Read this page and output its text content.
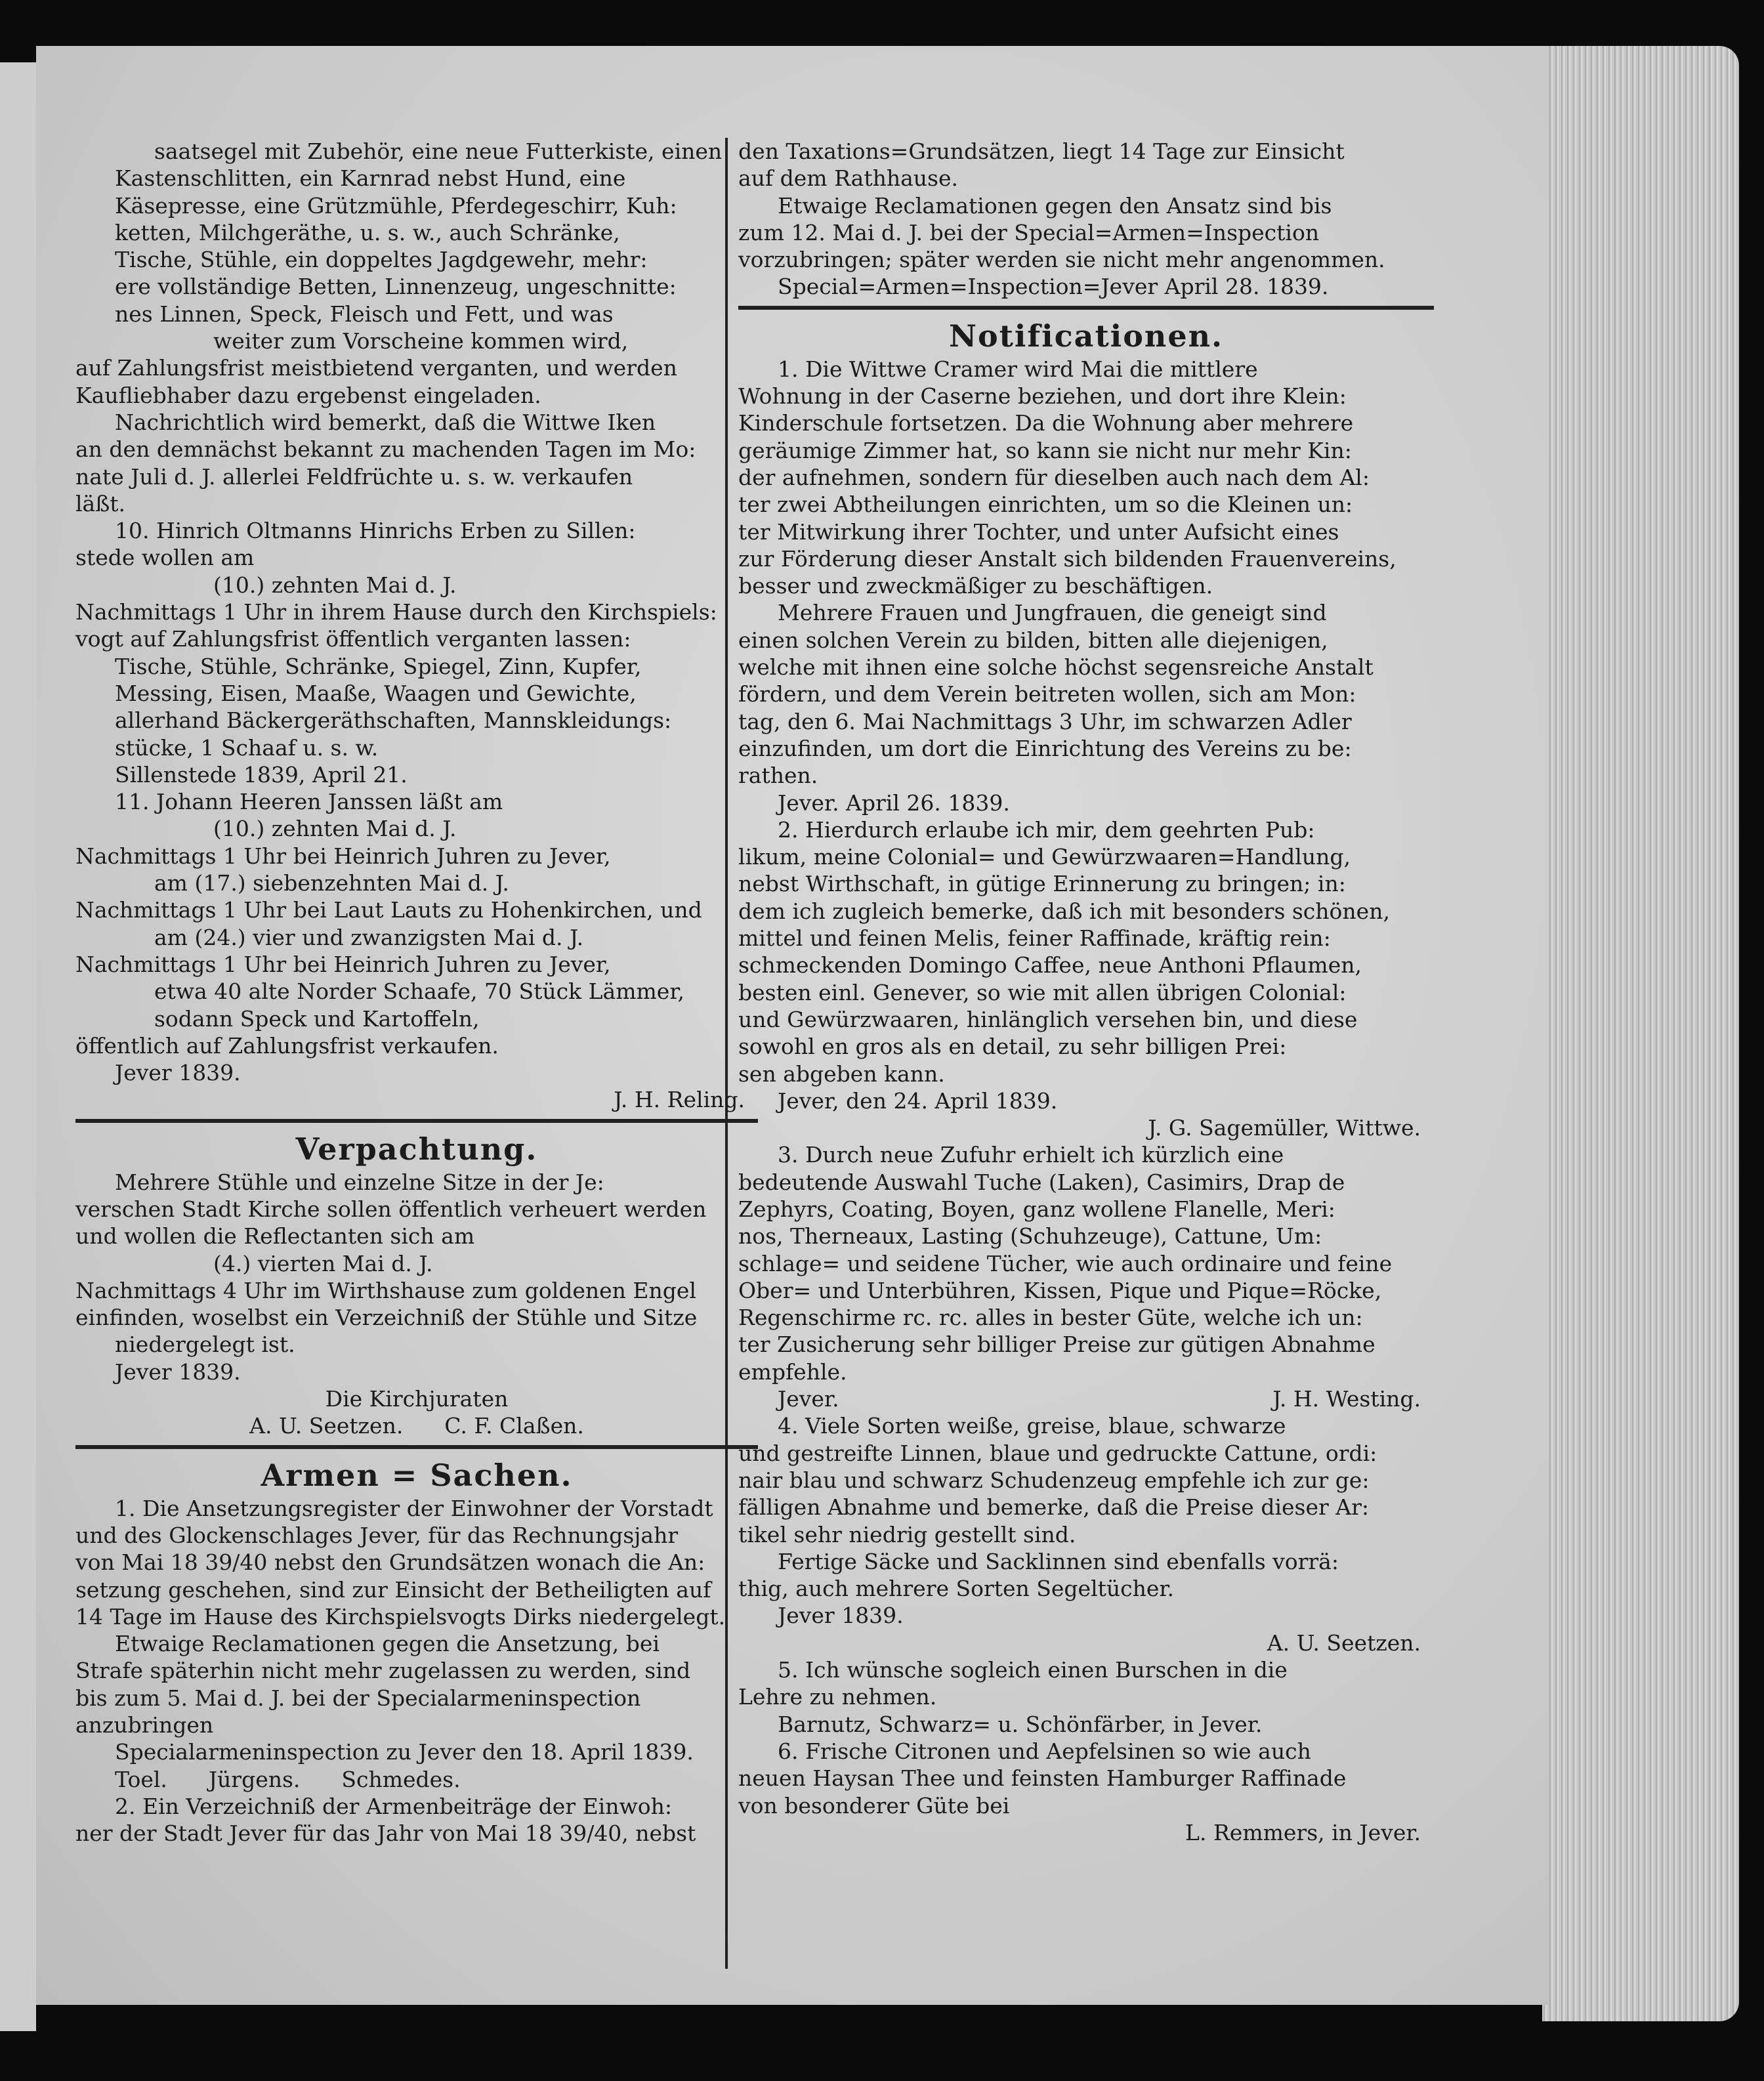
saatsegel mit Zubehör, eine neue Futterkiste, einen
Kastenschlitten, ein Karnrad nebst Hund, eine
Käsepresse, eine Grützmühle, Pferdegeschirr, Kuh:
ketten, Milchgeräthe, u. s. w., auch Schränke,
Tische, Stühle, ein doppeltes Jagdgewehr, mehr:
ere vollständige Betten, Linnenzeug, ungeschnitte:
nes Linnen, Speck, Fleisch und Fett, und was
weiter zum Vorscheine kommen wird,
auf Zahlungsfrist meistbietend verganten, und werden
Kaufliebhaber dazu ergebenst eingeladen.
Nachrichtlich wird bemerkt, daß die Wittwe Iken
an den demnächst bekannt zu machenden Tagen im Mo:
nate Juli d. J. allerlei Feldfrüchte u. s. w. verkaufen
läßt.
10. Hinrich Oltmanns Hinrichs Erben zu Sillen:
stede wollen am
(10.) zehnten Mai d. J.
Nachmittags 1 Uhr in ihrem Hause durch den Kirchspiels:
vogt auf Zahlungsfrist öffentlich verganten lassen:
Tische, Stühle, Schränke, Spiegel, Zinn, Kupfer,
Messing, Eisen, Maaße, Waagen und Gewichte,
allerhand Bäckergeräthschaften, Mannskleidungs:
stücke, 1 Schaaf u. s. w.
Sillenstede 1839, April 21.
11. Johann Heeren Janssen läßt am
(10.) zehnten Mai d. J.
Nachmittags 1 Uhr bei Heinrich Juhren zu Jever,
am (17.) siebenzehnten Mai d. J.
Nachmittags 1 Uhr bei Laut Lauts zu Hohenkirchen, und
am (24.) vier und zwanzigsten Mai d. J.
Nachmittags 1 Uhr bei Heinrich Juhren zu Jever,
etwa 40 alte Norder Schaafe, 70 Stück Lämmer,
sodann Speck und Kartoffeln,
öffentlich auf Zahlungsfrist verkaufen.
Jever 1839.
J. H. Reling.
Verpachtung.
Mehrere Stühle und einzelne Sitze in der Je:
verschen Stadt Kirche sollen öffentlich verheuert werden
und wollen die Reflectanten sich am
(4.) vierten Mai d. J.
Nachmittags 4 Uhr im Wirthshause zum goldenen Engel
einfinden, woselbst ein Verzeichniß der Stühle und Sitze
niedergelegt ist.
Jever 1839.
Die Kirchjuraten
A. U. Seetzen.      C. F. Claßen.
Armen = Sachen.
1. Die Ansetzungsregister der Einwohner der Vorstadt
und des Glockenschlages Jever, für das Rechnungsjahr
von Mai 18 39/40 nebst den Grundsätzen wonach die An:
setzung geschehen, sind zur Einsicht der Betheiligten auf
14 Tage im Hause des Kirchspielsvogts Dirks niedergelegt.
Etwaige Reclamationen gegen die Ansetzung, bei
Strafe späterhin nicht mehr zugelassen zu werden, sind
bis zum 5. Mai d. J. bei der Specialarmeninspection
anzubringen
Specialarmeninspection zu Jever den 18. April 1839.
Toel.      Jürgens.      Schmedes.
2. Ein Verzeichniß der Armenbeiträge der Einwoh:
ner der Stadt Jever für das Jahr von Mai 18 39/40, nebst
den Taxations=Grundsätzen, liegt 14 Tage zur Einsicht
auf dem Rathhause.
Etwaige Reclamationen gegen den Ansatz sind bis
zum 12. Mai d. J. bei der Special=Armen=Inspection
vorzubringen; später werden sie nicht mehr angenommen.
Special=Armen=Inspection=Jever April 28. 1839.
Notificationen.
1. Die Wittwe Cramer wird Mai die mittlere
Wohnung in der Caserne beziehen, und dort ihre Klein:
Kinderschule fortsetzen. Da die Wohnung aber mehrere
geräumige Zimmer hat, so kann sie nicht nur mehr Kin:
der aufnehmen, sondern für dieselben auch nach dem Al:
ter zwei Abtheilungen einrichten, um so die Kleinen un:
ter Mitwirkung ihrer Tochter, und unter Aufsicht eines
zur Förderung dieser Anstalt sich bildenden Frauenvereins,
besser und zweckmäßiger zu beschäftigen.
Mehrere Frauen und Jungfrauen, die geneigt sind
einen solchen Verein zu bilden, bitten alle diejenigen,
welche mit ihnen eine solche höchst segensreiche Anstalt
fördern, und dem Verein beitreten wollen, sich am Mon:
tag, den 6. Mai Nachmittags 3 Uhr, im schwarzen Adler
einzufinden, um dort die Einrichtung des Vereins zu be:
rathen.
Jever. April 26. 1839.
2. Hierdurch erlaube ich mir, dem geehrten Pub:
likum, meine Colonial= und Gewürzwaaren=Handlung,
nebst Wirthschaft, in gütige Erinnerung zu bringen; in:
dem ich zugleich bemerke, daß ich mit besonders schönen,
mittel und feinen Melis, feiner Raffinade, kräftig rein:
schmeckenden Domingo Caffee, neue Anthoni Pflaumen,
besten einl. Genever, so wie mit allen übrigen Colonial:
und Gewürzwaaren, hinlänglich versehen bin, und diese
sowohl en gros als en detail, zu sehr billigen Prei:
sen abgeben kann.
Jever, den 24. April 1839.
J. G. Sagemüller, Wittwe.
3. Durch neue Zufuhr erhielt ich kürzlich eine
bedeutende Auswahl Tuche (Laken), Casimirs, Drap de
Zephyrs, Coating, Boyen, ganz wollene Flanelle, Meri:
nos, Therneaux, Lasting (Schuhzeuge), Cattune, Um:
schlage= und seidene Tücher, wie auch ordinaire und feine
Ober= und Unterbühren, Kissen, Pique und Pique=Röcke,
Regenschirme rc. rc. alles in bester Güte, welche ich un:
ter Zusicherung sehr billiger Preise zur gütigen Abnahme
empfehle.
Jever.	J. H. Westing.
4. Viele Sorten weiße, greise, blaue, schwarze
und gestreifte Linnen, blaue und gedruckte Cattune, ordi:
nair blau und schwarz Schudenzeug empfehle ich zur ge:
fälligen Abnahme und bemerke, daß die Preise dieser Ar:
tikel sehr niedrig gestellt sind.
Fertige Säcke und Sacklinnen sind ebenfalls vorrä:
thig, auch mehrere Sorten Segeltücher.
Jever 1839.
A. U. Seetzen.
5. Ich wünsche sogleich einen Burschen in die
Lehre zu nehmen.
Barnutz, Schwarz= u. Schönfärber, in Jever.
6. Frische Citronen und Aepfelsinen so wie auch
neuen Haysan Thee und feinsten Hamburger Raffinade
von besonderer Güte bei
L. Remmers, in Jever.
